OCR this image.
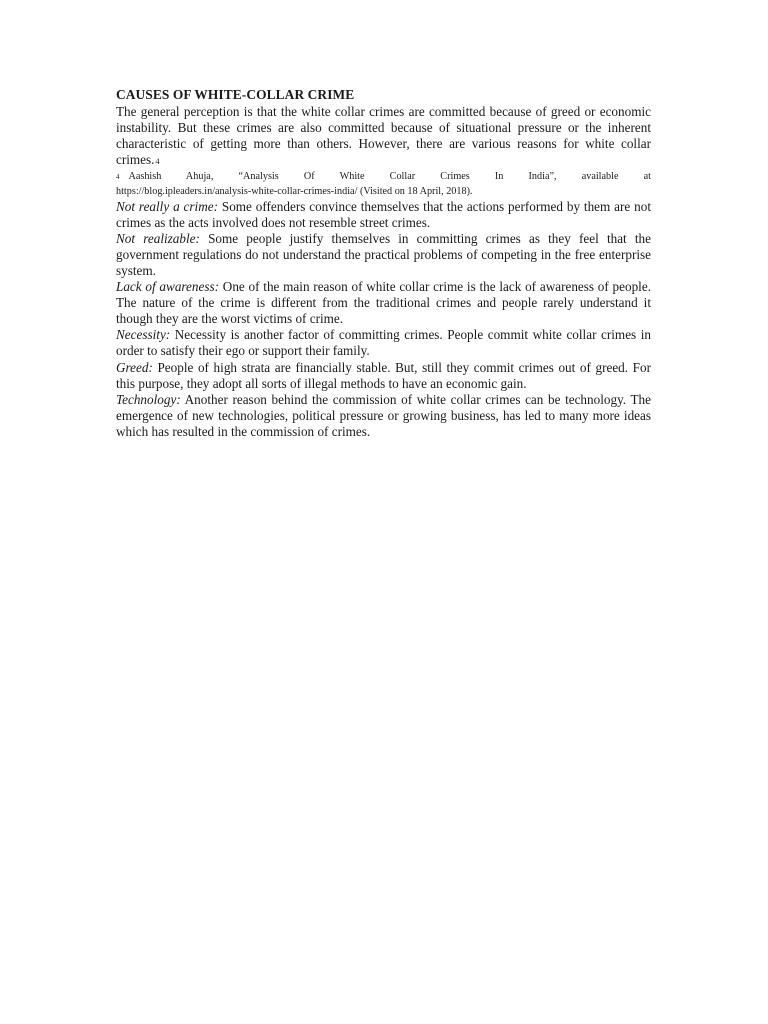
CAUSES OF WHITE-COLLAR CRIME

The general perception is that the white collar crimes are committed because of greed or economic instability. But these crimes are also committed because of situational pressure or the inherent characteristic of getting more than others. However, there are various reasons for white collar crimes.4

4 Aashish Ahuja, “Analysis Of White Collar Crimes In India”, available at
https://blog.ipleaders.in/analysis-white-collar-crimes-india/ (Visited on 18 April, 2018).

Not really a crime: Some offenders convince themselves that the actions performed by them are not crimes as the acts involved does not resemble street crimes.

Not realizable: Some people justify themselves in committing crimes as they feel that the government regulations do not understand the practical problems of competing in the free enterprise system.

Lack of awareness: One of the main reason of white collar crime is the lack of awareness of people. The nature of the crime is different from the traditional crimes and people rarely understand it though they are the worst victims of crime.

Necessity: Necessity is another factor of committing crimes. People commit white collar crimes in order to satisfy their ego or support their family.

Greed: People of high strata are financially stable. But, still they commit crimes out of greed. For this purpose, they adopt all sorts of illegal methods to have an economic gain.

Technology: Another reason behind the commission of white collar crimes can be technology. The emergence of new technologies, political pressure or growing business, has led to many more ideas which has resulted in the commission of crimes.
